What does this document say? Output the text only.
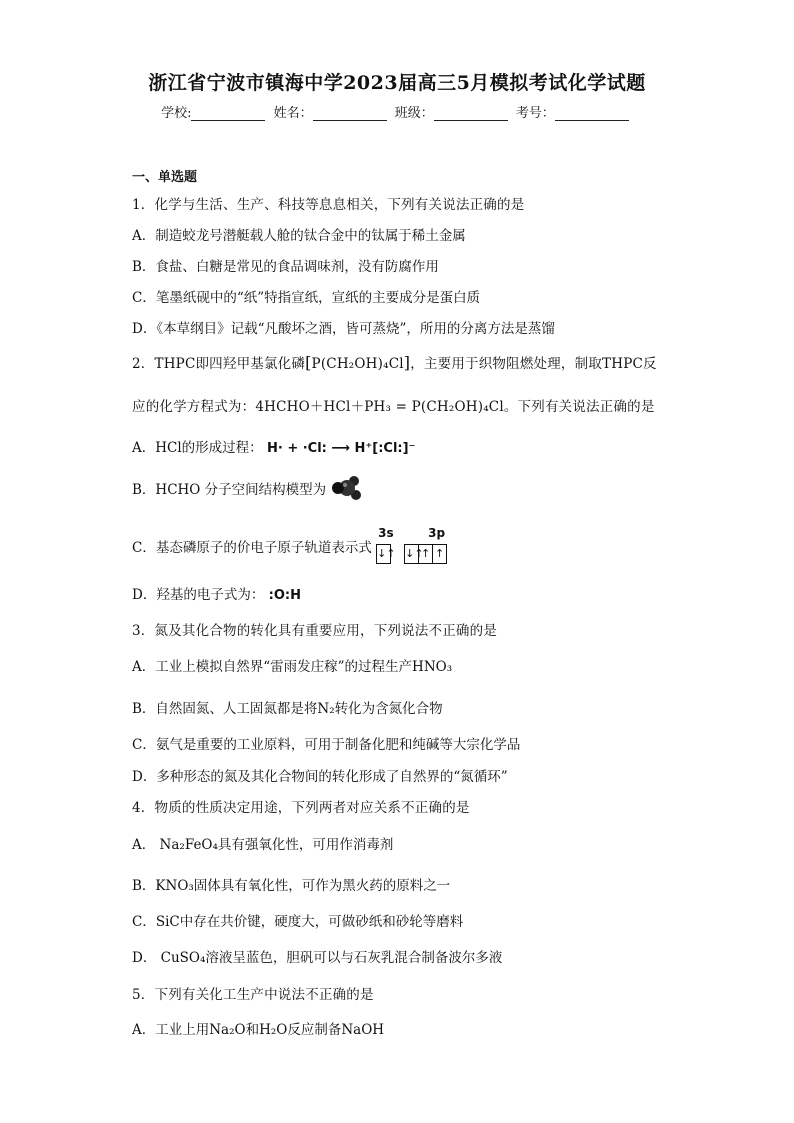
浙江省宁波市镇海中学2023届高三5月模拟考试化学试题
学校:	姓名：	班级：	考号：
一、单选题
1．化学与生活、生产、科技等息息相关，下列有关说法正确的是
A．制造蛟龙号潜艇载人舱的钛合金中的钛属于稀土金属
B．食盐、白糖是常见的食品调味剂，没有防腐作用
C．笔墨纸砚中的“纸”特指宣纸，宣纸的主要成分是蛋白质
D．《本草纲目》记载“凡酸坏之酒，皆可蒸烧”，所用的分离方法是蒸馏
2．THPC即四羟甲基氯化磷[P(CH₂OH)₄Cl]，主要用于织物阻燃处理，制取THPC反
应的化学方程式为：4HCHO＋HCl＋PH₃ = P(CH₂OH)₄Cl。下列有关说法正确的是
A．HCl的形成过程： H· + ·Cl: ⟶ H⁺[:Cl:]⁻
B．HCHO 分子空间结构模型为
C．基态磷原子的价电子原子轨道表示式
3s	3p
↓↑ ↓↑
↑ ↑
D．羟基的电子式为： :O:H
3．氮及其化合物的转化具有重要应用，下列说法不正确的是
A．工业上模拟自然界“雷雨发庄稼”的过程生产HNO₃
B．自然固氮、人工固氮都是将N₂转化为含氮化合物
C．氨气是重要的工业原料，可用于制备化肥和纯碱等大宗化学品
D．多种形态的氮及其化合物间的转化形成了自然界的“氮循环”
4．物质的性质决定用途，下列两者对应关系不正确的是
A． Na₂FeO₄具有强氧化性，可用作消毒剂
B．KNO₃固体具有氧化性，可作为黑火药的原料之一
C．SiC中存在共价键，硬度大，可做砂纸和砂轮等磨料
D． CuSO₄溶液呈蓝色，胆矾可以与石灰乳混合制备波尔多液
5．下列有关化工生产中说法不正确的是
A．工业上用Na₂O和H₂O反应制备NaOH
